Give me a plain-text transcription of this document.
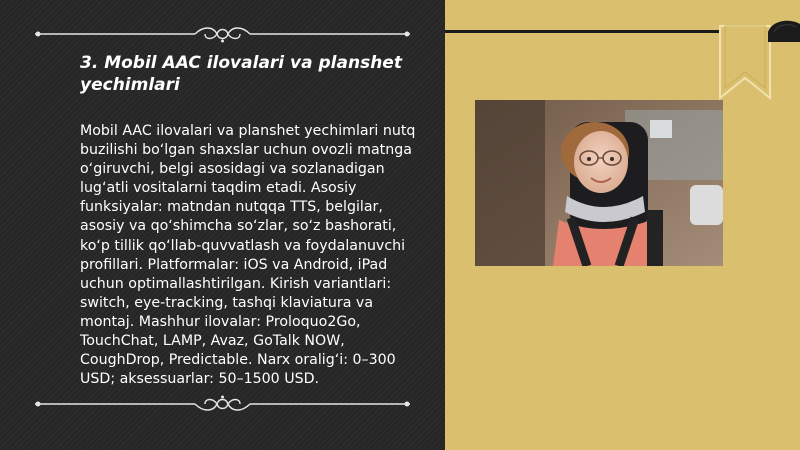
3. Mobil AAC ilovalari va planshet yechimlari
Mobil AAC ilovalari va planshet yechimlari nutq buzilishi boʻlgan shaxslar uchun ovozli matnga oʻgiruvchi, belgi asosidagi va sozlanadigan lugʻatli vositalarni taqdim etadi. Asosiy funksiyalar: matndan nutqqa TTS, belgilar, asosiy va qoʻshimcha soʻzlar, soʻz bashorati, koʻp tillik qoʻllab-quvvatlash va foydalanuvchi profillari. Platformalar: iOS va Android, iPad uchun optimallashtirilgan. Kirish variantlari: switch, eye-tracking, tashqi klaviatura va montaj. Mashhur ilovalar: Proloquo2Go, TouchChat, LAMP, Avaz, GoTalk NOW, CoughDrop, Predictable. Narx oraligʻi: 0–300 USD; aksessuarlar: 50–1500 USD.
